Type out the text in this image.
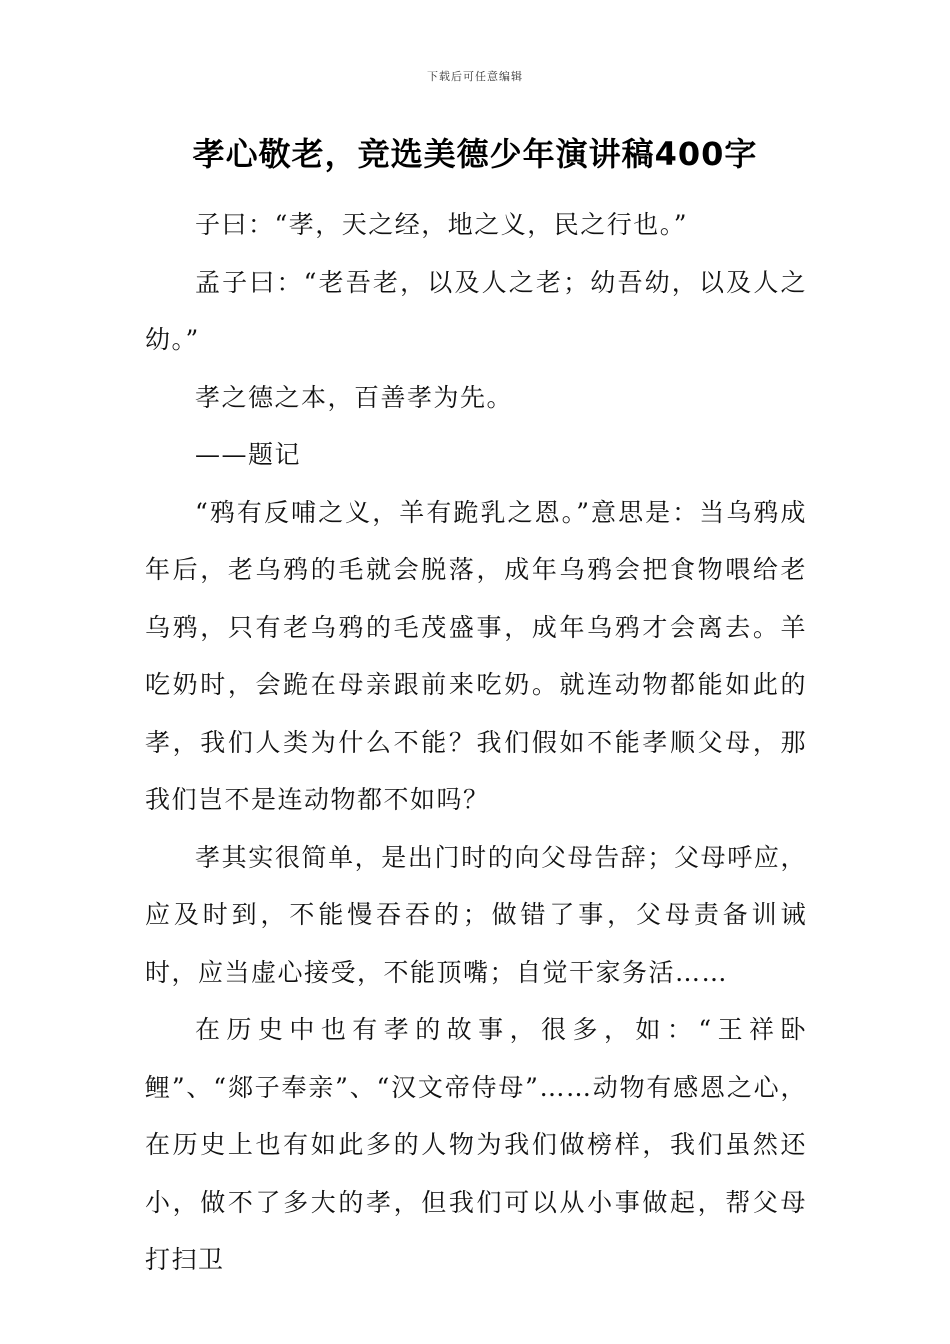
下载后可任意编辑
孝心敬老，竞选美德少年演讲稿400字

子曰：“孝，天之经，地之义，民之行也。”

孟子曰：“老吾老，以及人之老；幼吾幼，以及人之幼。”

孝之德之本，百善孝为先。

——题记

“鸦有反哺之义，羊有跪乳之恩。”意思是：当乌鸦成年后，老乌鸦的毛就会脱落，成年乌鸦会把食物喂给老乌鸦，只有老乌鸦的毛茂盛事，成年乌鸦才会离去。羊吃奶时，会跪在母亲跟前来吃奶。就连动物都能如此的孝，我们人类为什么不能？我们假如不能孝顺父母，那我们岂不是连动物都不如吗？

孝其实很简单，是出门时的向父母告辞；父母呼应，应及时到，不能慢吞吞的；做错了事，父母责备训诫时，应当虚心接受，不能顶嘴；自觉干家务活……

在历史中也有孝的故事，很多，如：“王祥卧鲤”、“郯子奉亲”、“汉文帝侍母”……动物有感恩之心，在历史上也有如此多的人物为我们做榜样，我们虽然还小，做不了多大的孝，但我们可以从小事做起，帮父母打扫卫
